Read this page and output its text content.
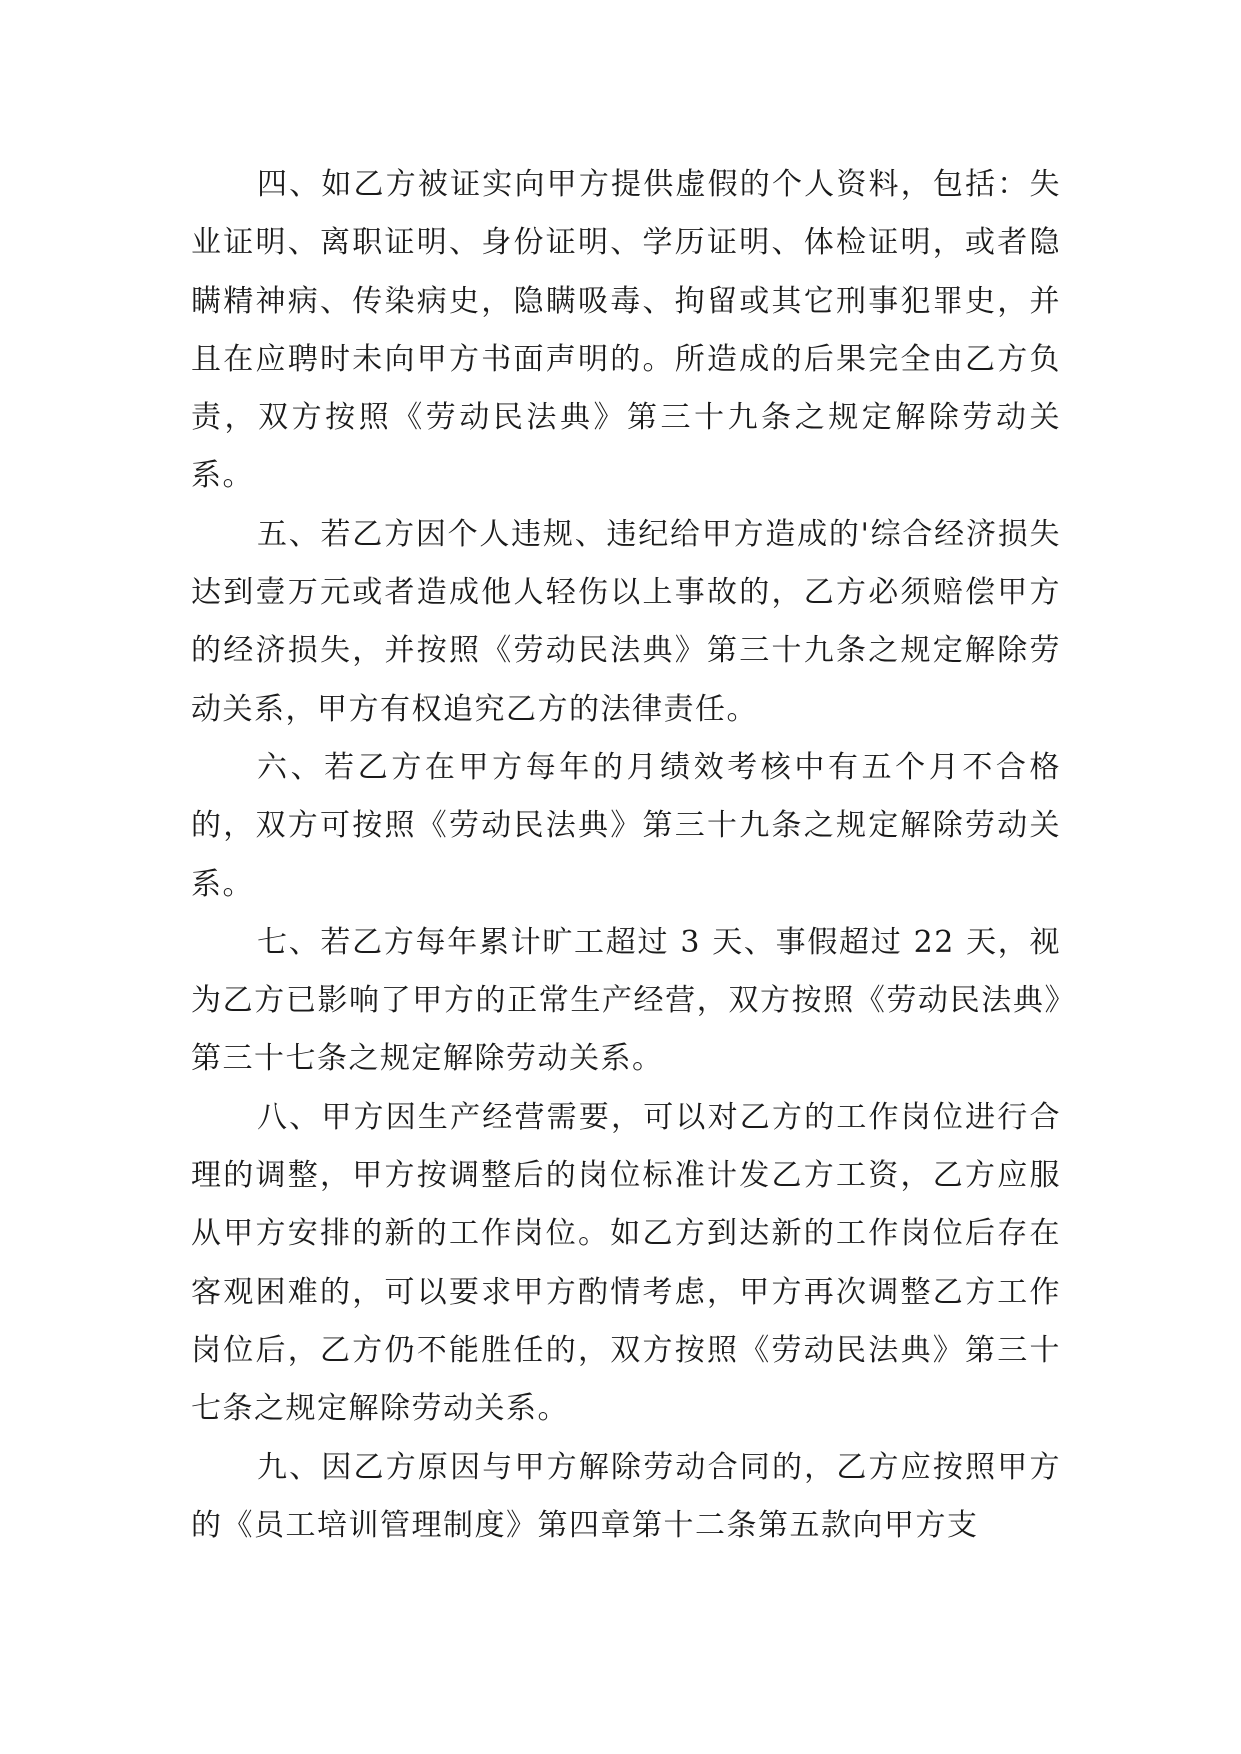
四、如乙方被证实向甲方提供虚假的个人资料，包括：失业证明、离职证明、身份证明、学历证明、体检证明，或者隐瞒精神病、传染病史，隐瞒吸毒、拘留或其它刑事犯罪史，并且在应聘时未向甲方书面声明的。所造成的后果完全由乙方负责，双方按照《劳动民法典》第三十九条之规定解除劳动关系。

五、若乙方因个人违规、违纪给甲方造成的'综合经济损失达到壹万元或者造成他人轻伤以上事故的，乙方必须赔偿甲方的经济损失，并按照《劳动民法典》第三十九条之规定解除劳动关系，甲方有权追究乙方的法律责任。

六、若乙方在甲方每年的月绩效考核中有五个月不合格的，双方可按照《劳动民法典》第三十九条之规定解除劳动关系。

七、若乙方每年累计旷工超过 3 天、事假超过 22 天，视为乙方已影响了甲方的正常生产经营，双方按照《劳动民法典》第三十七条之规定解除劳动关系。

八、甲方因生产经营需要，可以对乙方的工作岗位进行合理的调整，甲方按调整后的岗位标准计发乙方工资，乙方应服从甲方安排的新的工作岗位。如乙方到达新的工作岗位后存在客观困难的，可以要求甲方酌情考虑，甲方再次调整乙方工作岗位后，乙方仍不能胜任的，双方按照《劳动民法典》第三十七条之规定解除劳动关系。

九、因乙方原因与甲方解除劳动合同的，乙方应按照甲方的《员工培训管理制度》第四章第十二条第五款向甲方支
